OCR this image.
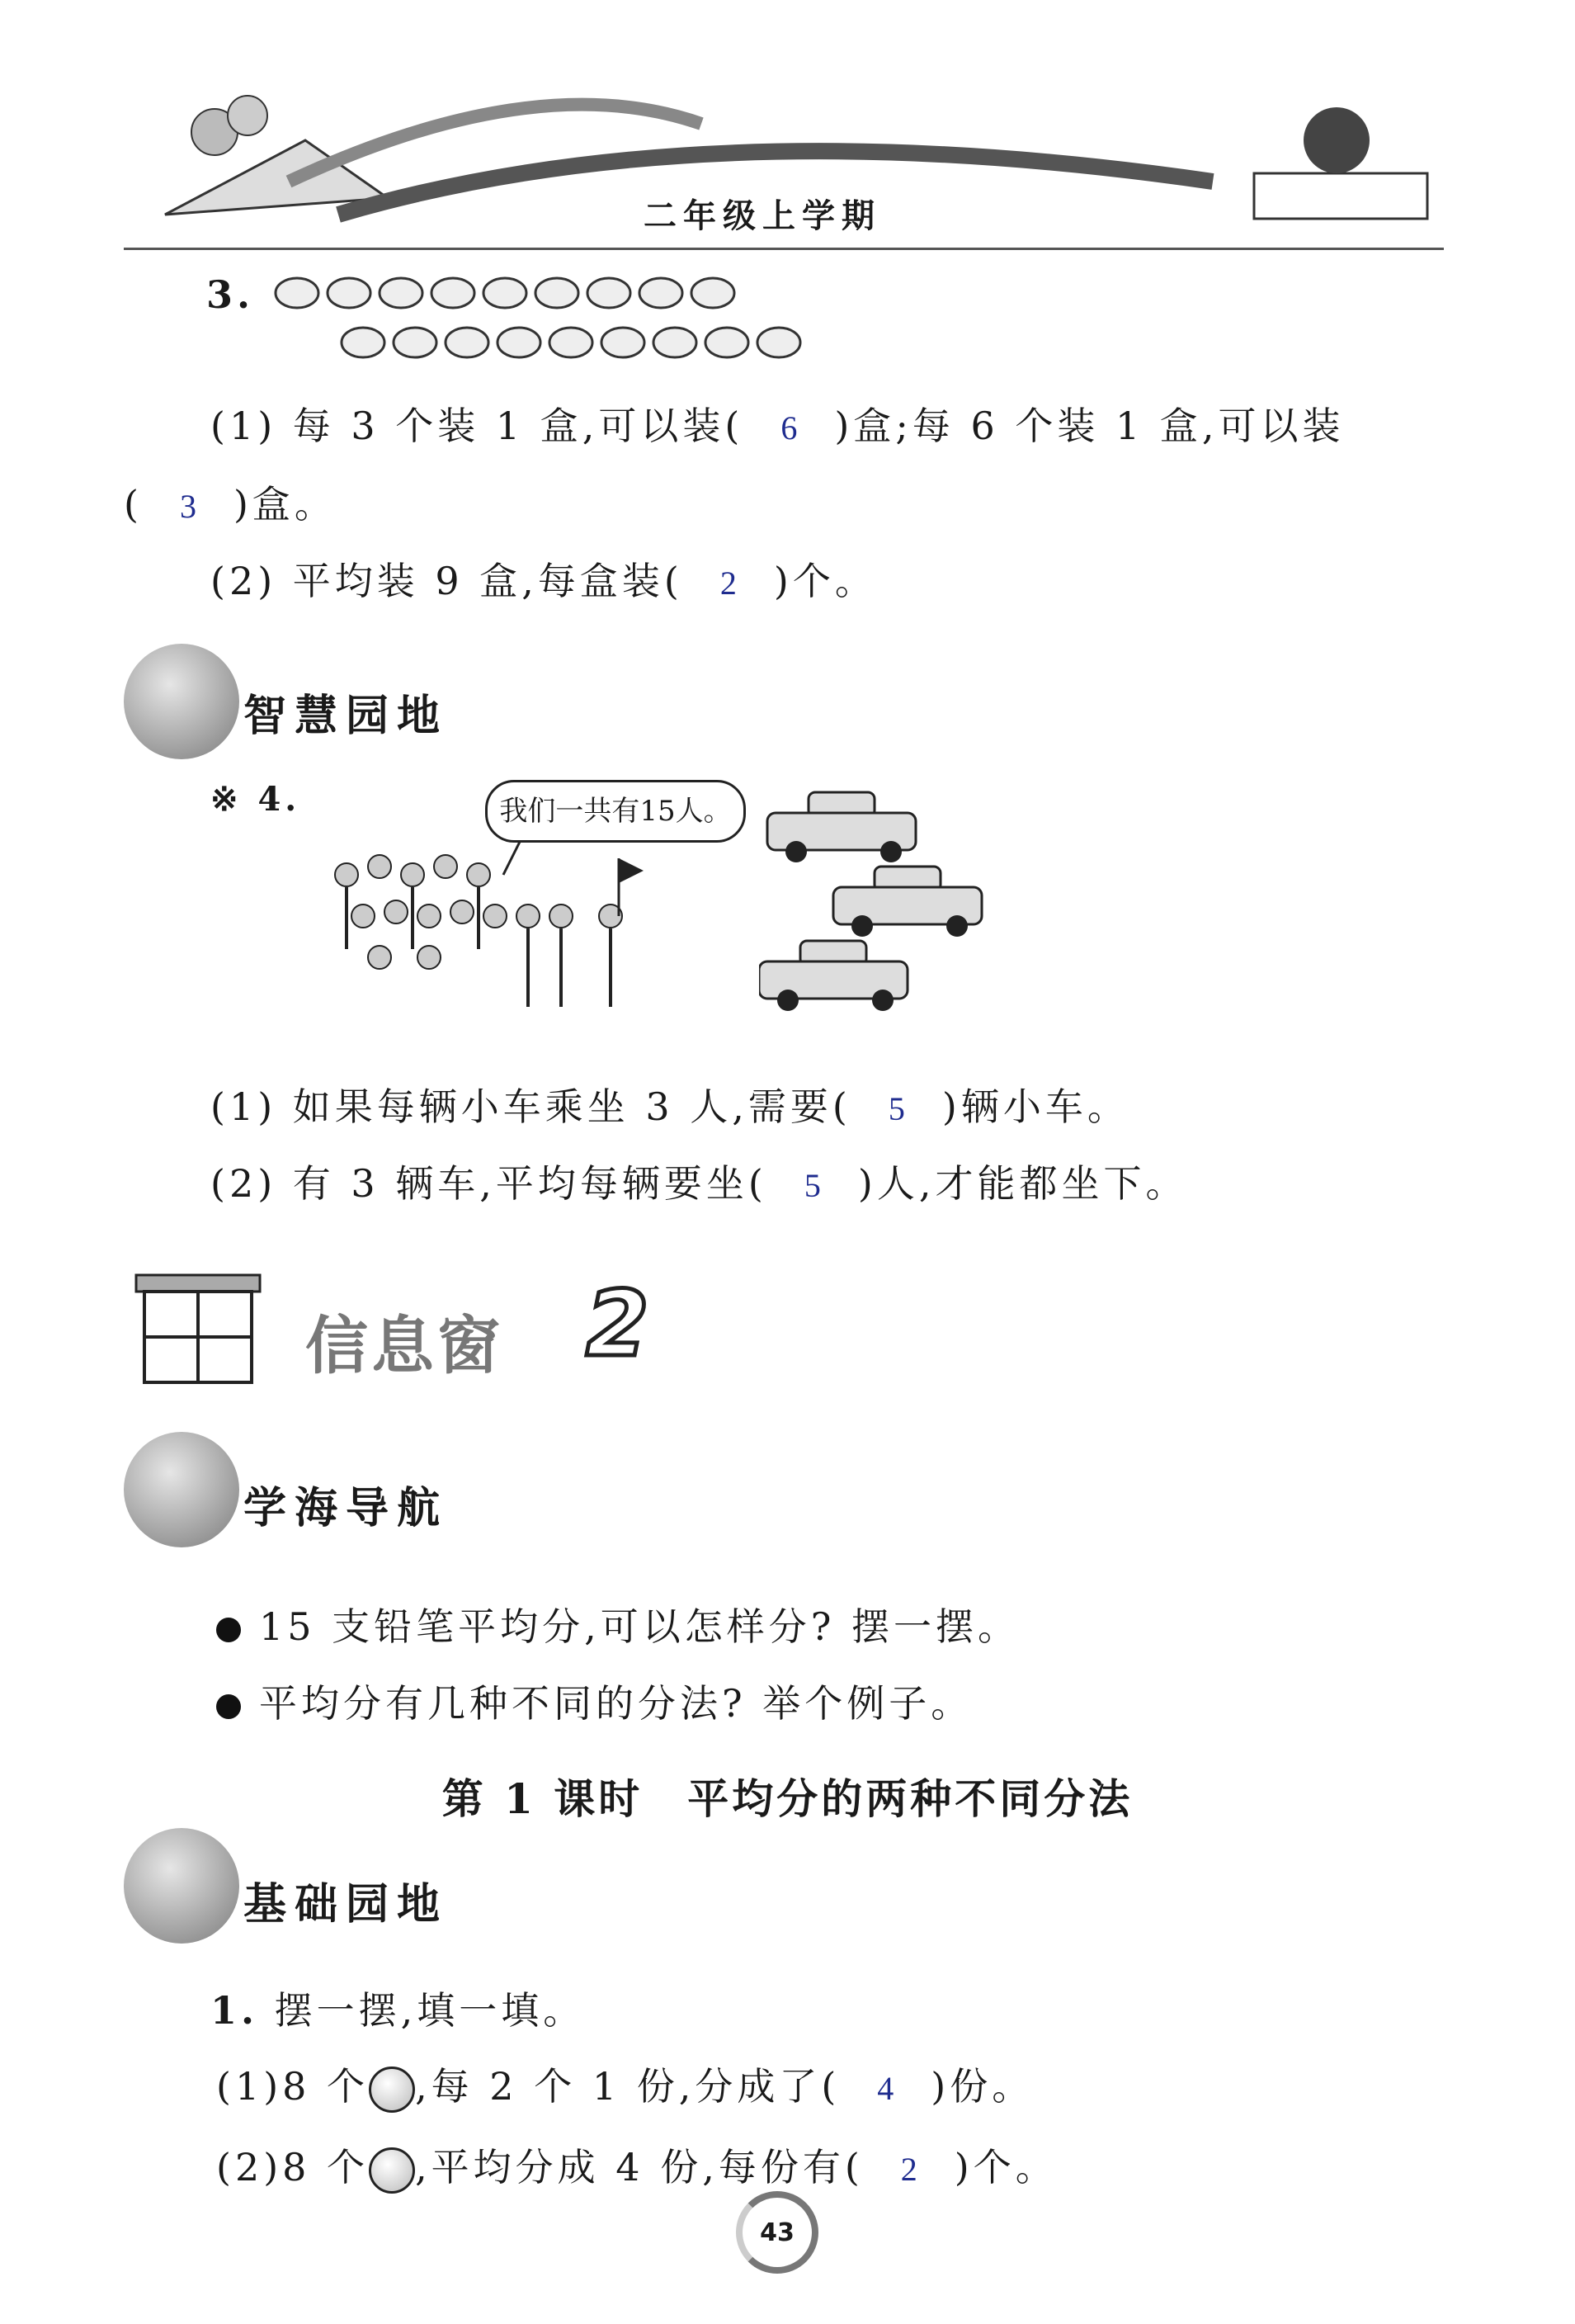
二年级上学期
3.
(1) 每 3 个装 1 盒,可以装( 6 )盒;每 6 个装 1 盒,可以装
( 3 )盒。
(2) 平均装 9 盒,每盒装( 2 )个。
智慧园地
※ 4.	我们一共有15人。
(1) 如果每辆小车乘坐 3 人,需要( 5 )辆小车。
(2) 有 3 辆车,平均每辆要坐( 5 )人,才能都坐下。
信息窗 2
学海导航
15 支铅笔平均分,可以怎样分? 摆一摆。
平均分有几种不同的分法? 举个例子。
第 1 课时　平均分的两种不同分法
基础园地
1. 摆一摆,填一填。
(1)8 个 ,每 2 个 1 份,分成了( 4 )份。
(2)8 个 ,平均分成 4 份,每份有( 2 )个。
43
